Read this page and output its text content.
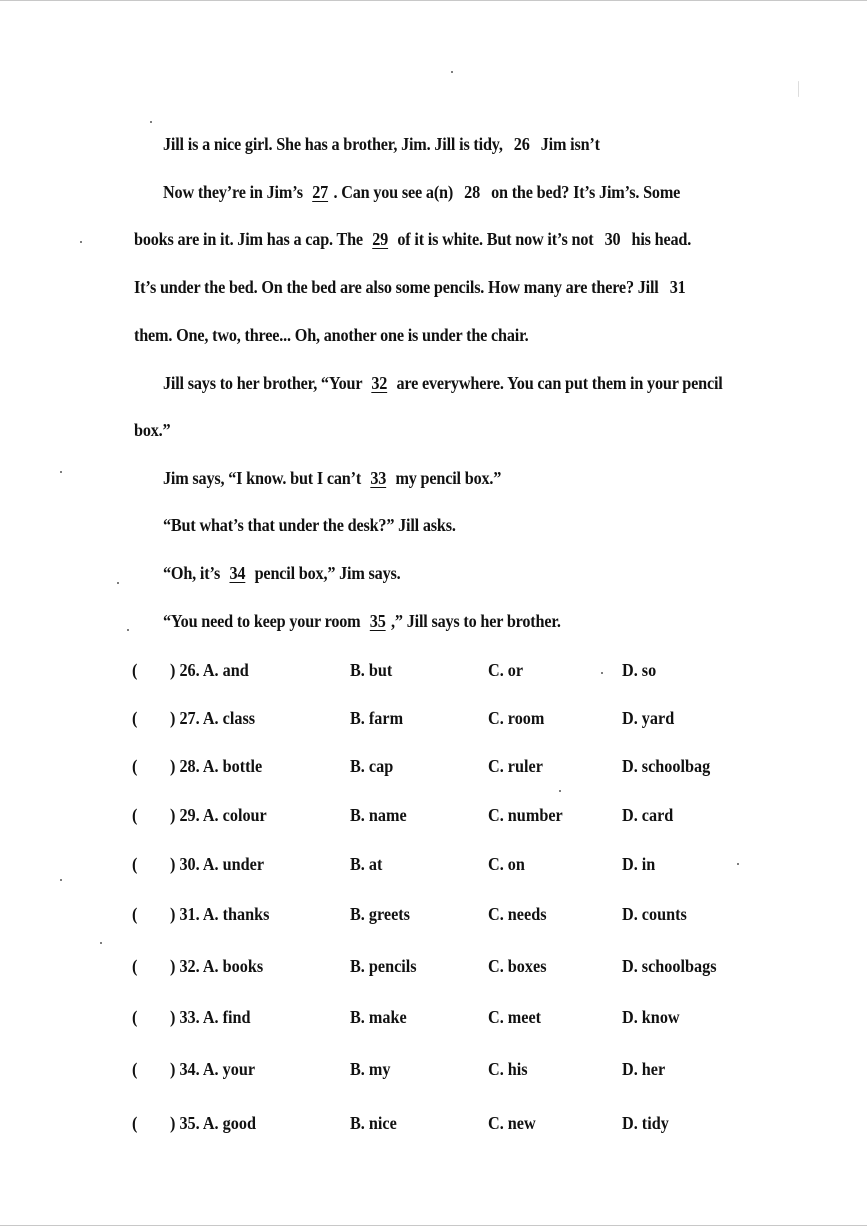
Jill is a nice girl. She has a brother, Jim. Jill is tidy, 26 Jim isn’t
Now they’re in Jim’s 27 . Can you see a(n) 28 on the bed? It’s Jim’s. Some
books are in it. Jim has a cap. The 29 of it is white. But now it’s not 30 his head.
It’s under the bed. On the bed are also some pencils. How many are there? Jill 31
them. One, two, three... Oh, another one is under the chair.
Jill says to her brother, “Your 32 are everywhere. You can put them in your pencil
box.”
Jim says, “I know. but I can’t 33 my pencil box.”
“But what’s that under the desk?” Jill asks.
“Oh, it’s 34 pencil box,” Jim says.
“You need to keep your room 35 ,” Jill says to her brother.
( ) 26. A. and	B. but	C. or	D. so
( ) 27. A. class	B. farm	C. room	D. yard
( ) 28. A. bottle	B. cap	C. ruler	D. schoolbag
( ) 29. A. colour	B. name	C. number	D. card
( ) 30. A. under	B. at	C. on	D. in
( ) 31. A. thanks	B. greets	C. needs	D. counts
( ) 32. A. books	B. pencils	C. boxes	D. schoolbags
( ) 33. A. find	B. make	C. meet	D. know
( ) 34. A. your	B. my	C. his	D. her
( ) 35. A. good	B. nice	C. new	D. tidy
